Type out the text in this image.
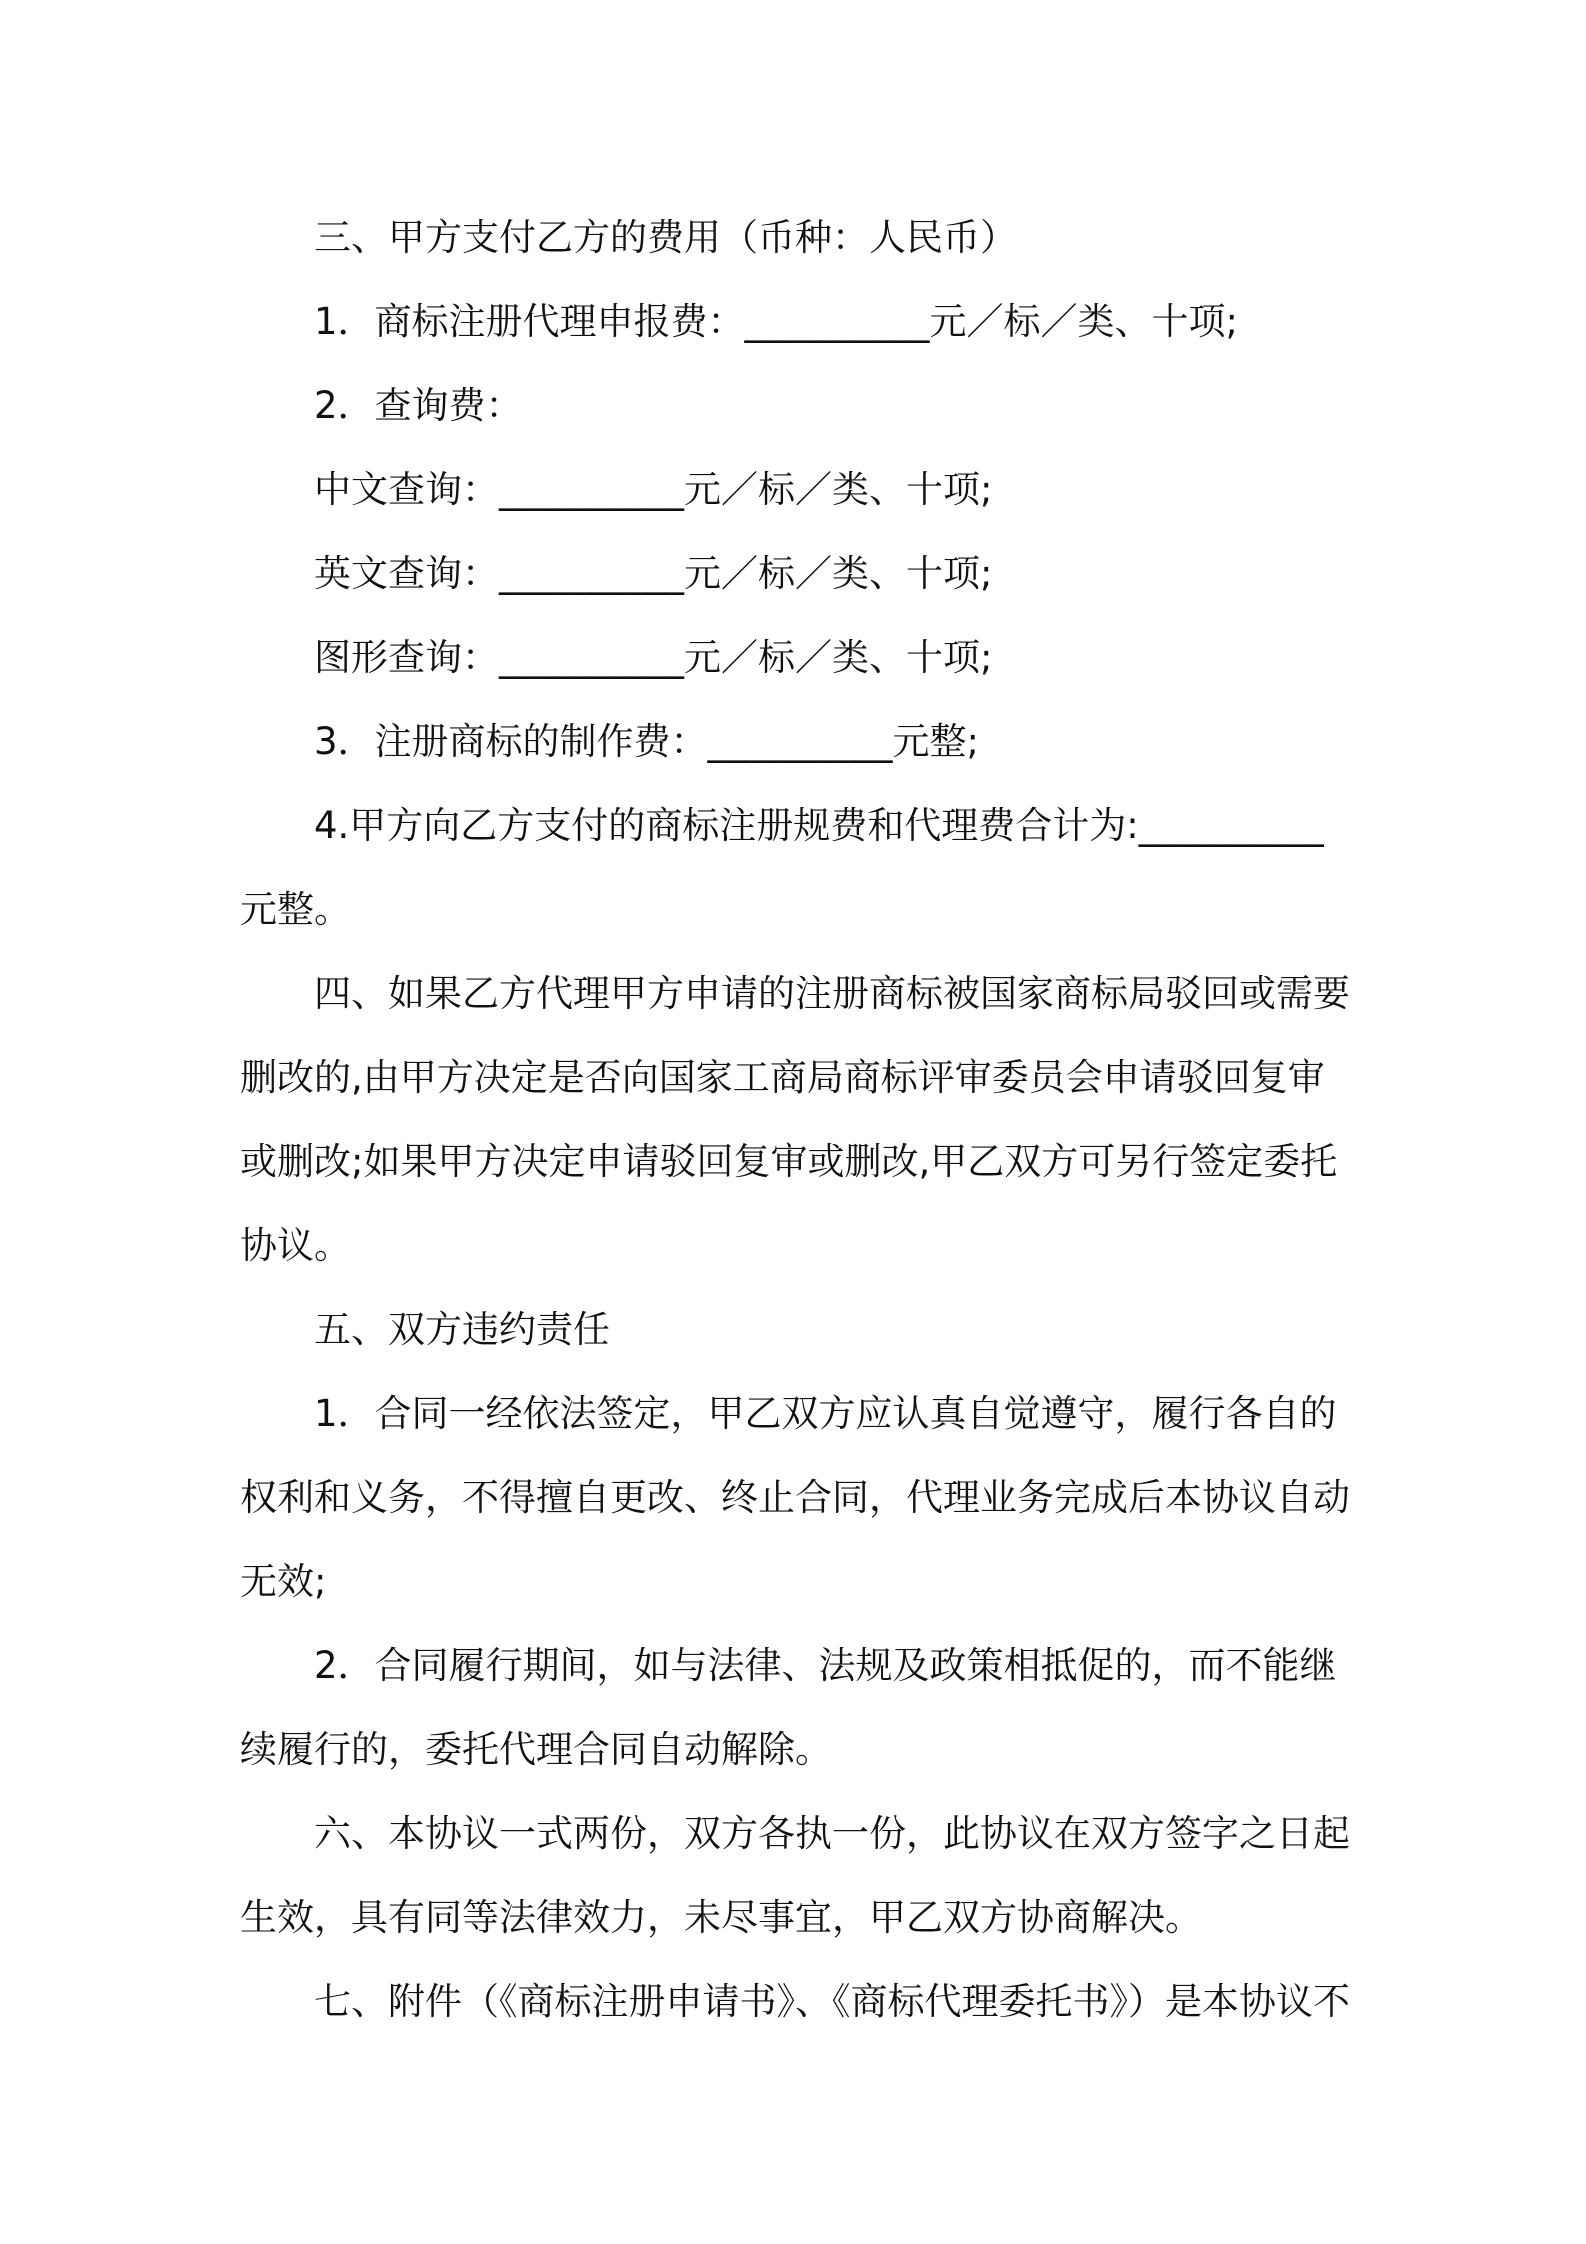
三、甲方支付乙方的费用（币种：人民币）

1．商标注册代理申报费：__________元／标／类、十项;

2．查询费：

中文查询：__________元／标／类、十项;

英文查询：__________元／标／类、十项;

图形查询：__________元／标／类、十项;

3．注册商标的制作费：__________元整;

4.甲方向乙方支付的商标注册规费和代理费合计为:__________元整。

四、如果乙方代理甲方申请的注册商标被国家商标局驳回或需要删改的,由甲方决定是否向国家工商局商标评审委员会申请驳回复审或删改;如果甲方决定申请驳回复审或删改,甲乙双方可另行签定委托协议。

五、双方违约责任

1．合同一经依法签定，甲乙双方应认真自觉遵守，履行各自的权利和义务，不得擅自更改、终止合同，代理业务完成后本协议自动无效;

2．合同履行期间，如与法律、法规及政策相抵促的，而不能继续履行的，委托代理合同自动解除。

六、本协议一式两份，双方各执一份，此协议在双方签字之日起生效，具有同等法律效力，未尽事宜，甲乙双方协商解决。

七、附件（《商标注册申请书》、《商标代理委托书》）是本协议不
